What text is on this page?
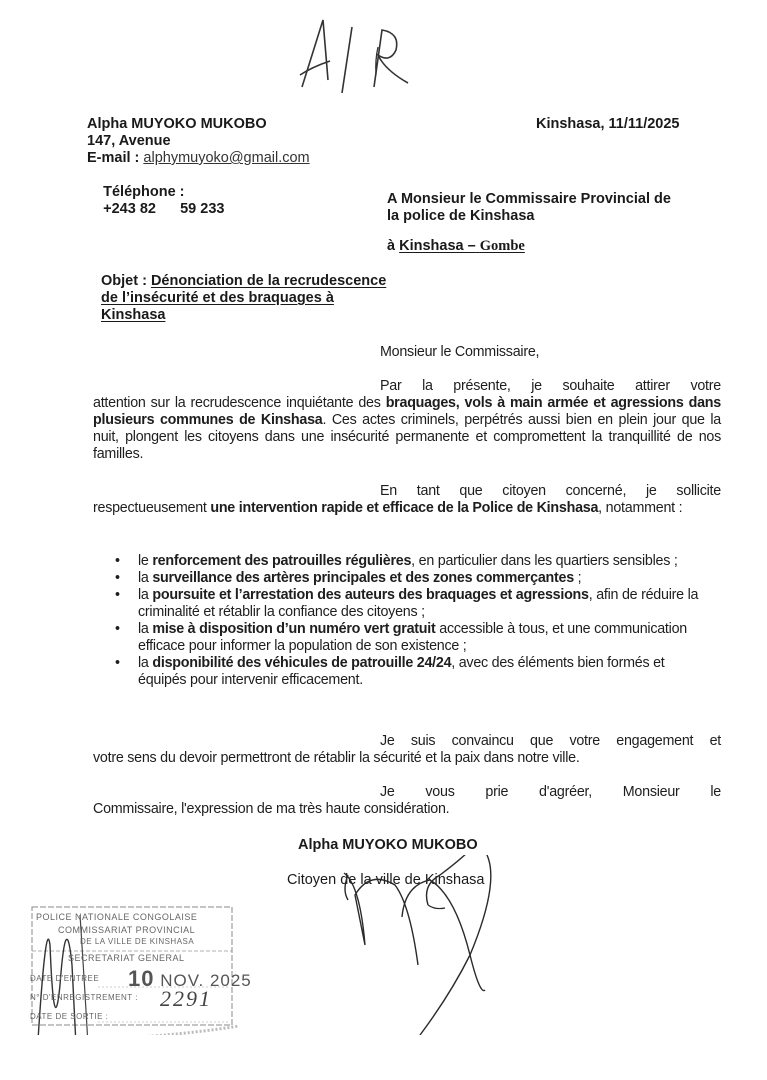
Alpha MUYOKO MUKOBO
147, Avenue
E-mail : alphymuyoko@gmail.com

Téléphone :
+243 82      59 233

Kinshasa, 11/11/2025
A Monsieur le Commissaire Provincial de
la police de Kinshasa
à Kinshasa – Gombe
Objet : Dénonciation de la recrudescence de l’insécurité et des braquages à Kinshasa
Monsieur le Commissaire,
Par la présente, je souhaite attirer votre
attention sur la recrudescence inquiétante des braquages, vols à main armée et agressions dans plusieurs communes de Kinshasa. Ces actes criminels, perpétrés aussi bien en plein jour que la nuit, plongent les citoyens dans une insécurité permanente et compromettent la tranquillité de nos familles.
En tant que citoyen concerné, je sollicite
respectueusement une intervention rapide et efficace de la Police de Kinshasa, notamment :
• le renforcement des patrouilles régulières, en particulier dans les quartiers sensibles ;
• la surveillance des artères principales et des zones commerçantes ;
• la poursuite et l’arrestation des auteurs des braquages et agressions, afin de réduire la criminalité et rétablir la confiance des citoyens ;
• la mise à disposition d’un numéro vert gratuit accessible à tous, et une communication efficace pour informer la population de son existence ;
• la disponibilité des véhicules de patrouille 24/24, avec des éléments bien formés et équipés pour intervenir efficacement.
Je suis convaincu que votre engagement et
votre sens du devoir permettront de rétablir la sécurité et la paix dans notre ville.
Je vous prie d'agréer, Monsieur le
Commissaire, l'expression de ma très haute considération.
Alpha MUYOKO MUKOBO
Citoyen de la ville de Kinshasa
POLICE NATIONALE CONGOLAISE
COMMISSARIAT PROVINCIAL
DE LA VILLE DE KINSHASA
SECRETARIAT GENERAL
DATE D'ENTREE 10 NOV. 2025
N° D'ENREGISTREMENT : 2291
DATE DE SORTIE :
